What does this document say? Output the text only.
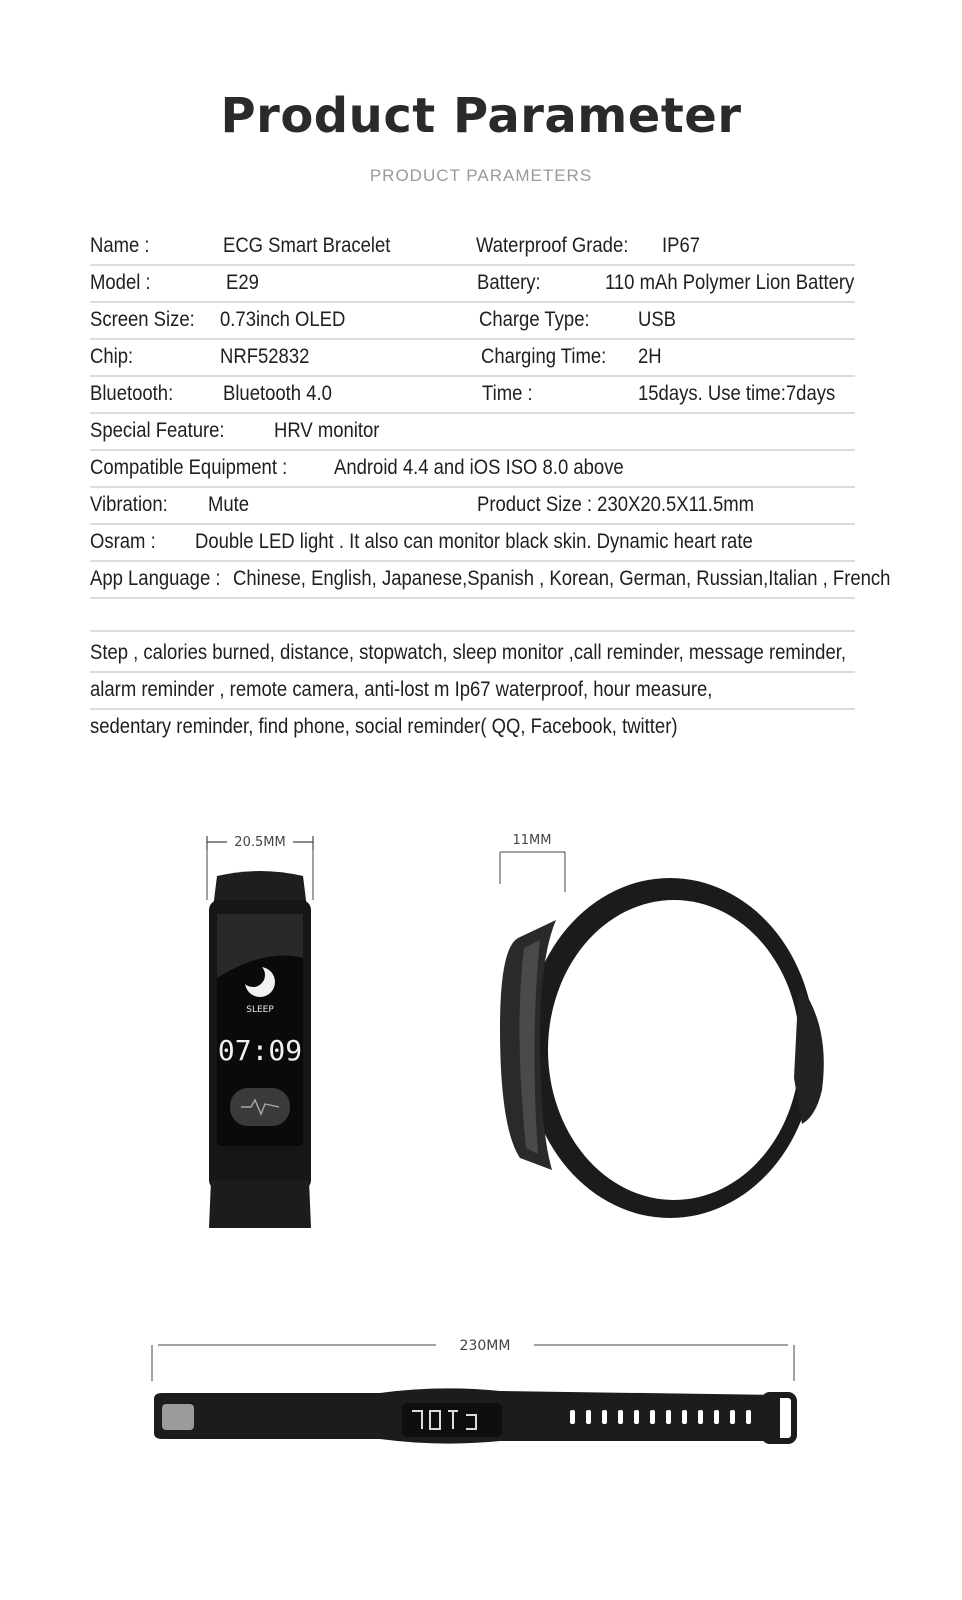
Product Parameter
PRODUCT PARAMETERS
Name :	ECG Smart Bracelet	Waterproof Grade: IP67
Model :	E29	Battery:	110 mAh Polymer Lion Battery
Screen Size: 0.73inch OLED	Charge Type: USB
Chip:	NRF52832	Charging Time: 2H
Bluetooth: Bluetooth 4.0	Time :	15days. Use time:7days
Special Feature: HRV monitor
Compatible Equipment : Android 4.4 and iOS ISO 8.0 above
Vibration: Mute	Product Size : 230X20.5X11.5mm
Osram : Double LED light . It also can monitor black skin. Dynamic heart rate
App Language : Chinese, English, Japanese,Spanish , Korean, German, Russian,Italian , French
Step , calories burned, distance, stopwatch, sleep monitor ,call reminder, message reminder,
alarm reminder , remote camera, anti-lost m Ip67 waterproof, hour measure,
sedentary reminder, find phone, social reminder( QQ, Facebook, twitter)
20.5MM
SLEEP
07:09
11MM
230MM
